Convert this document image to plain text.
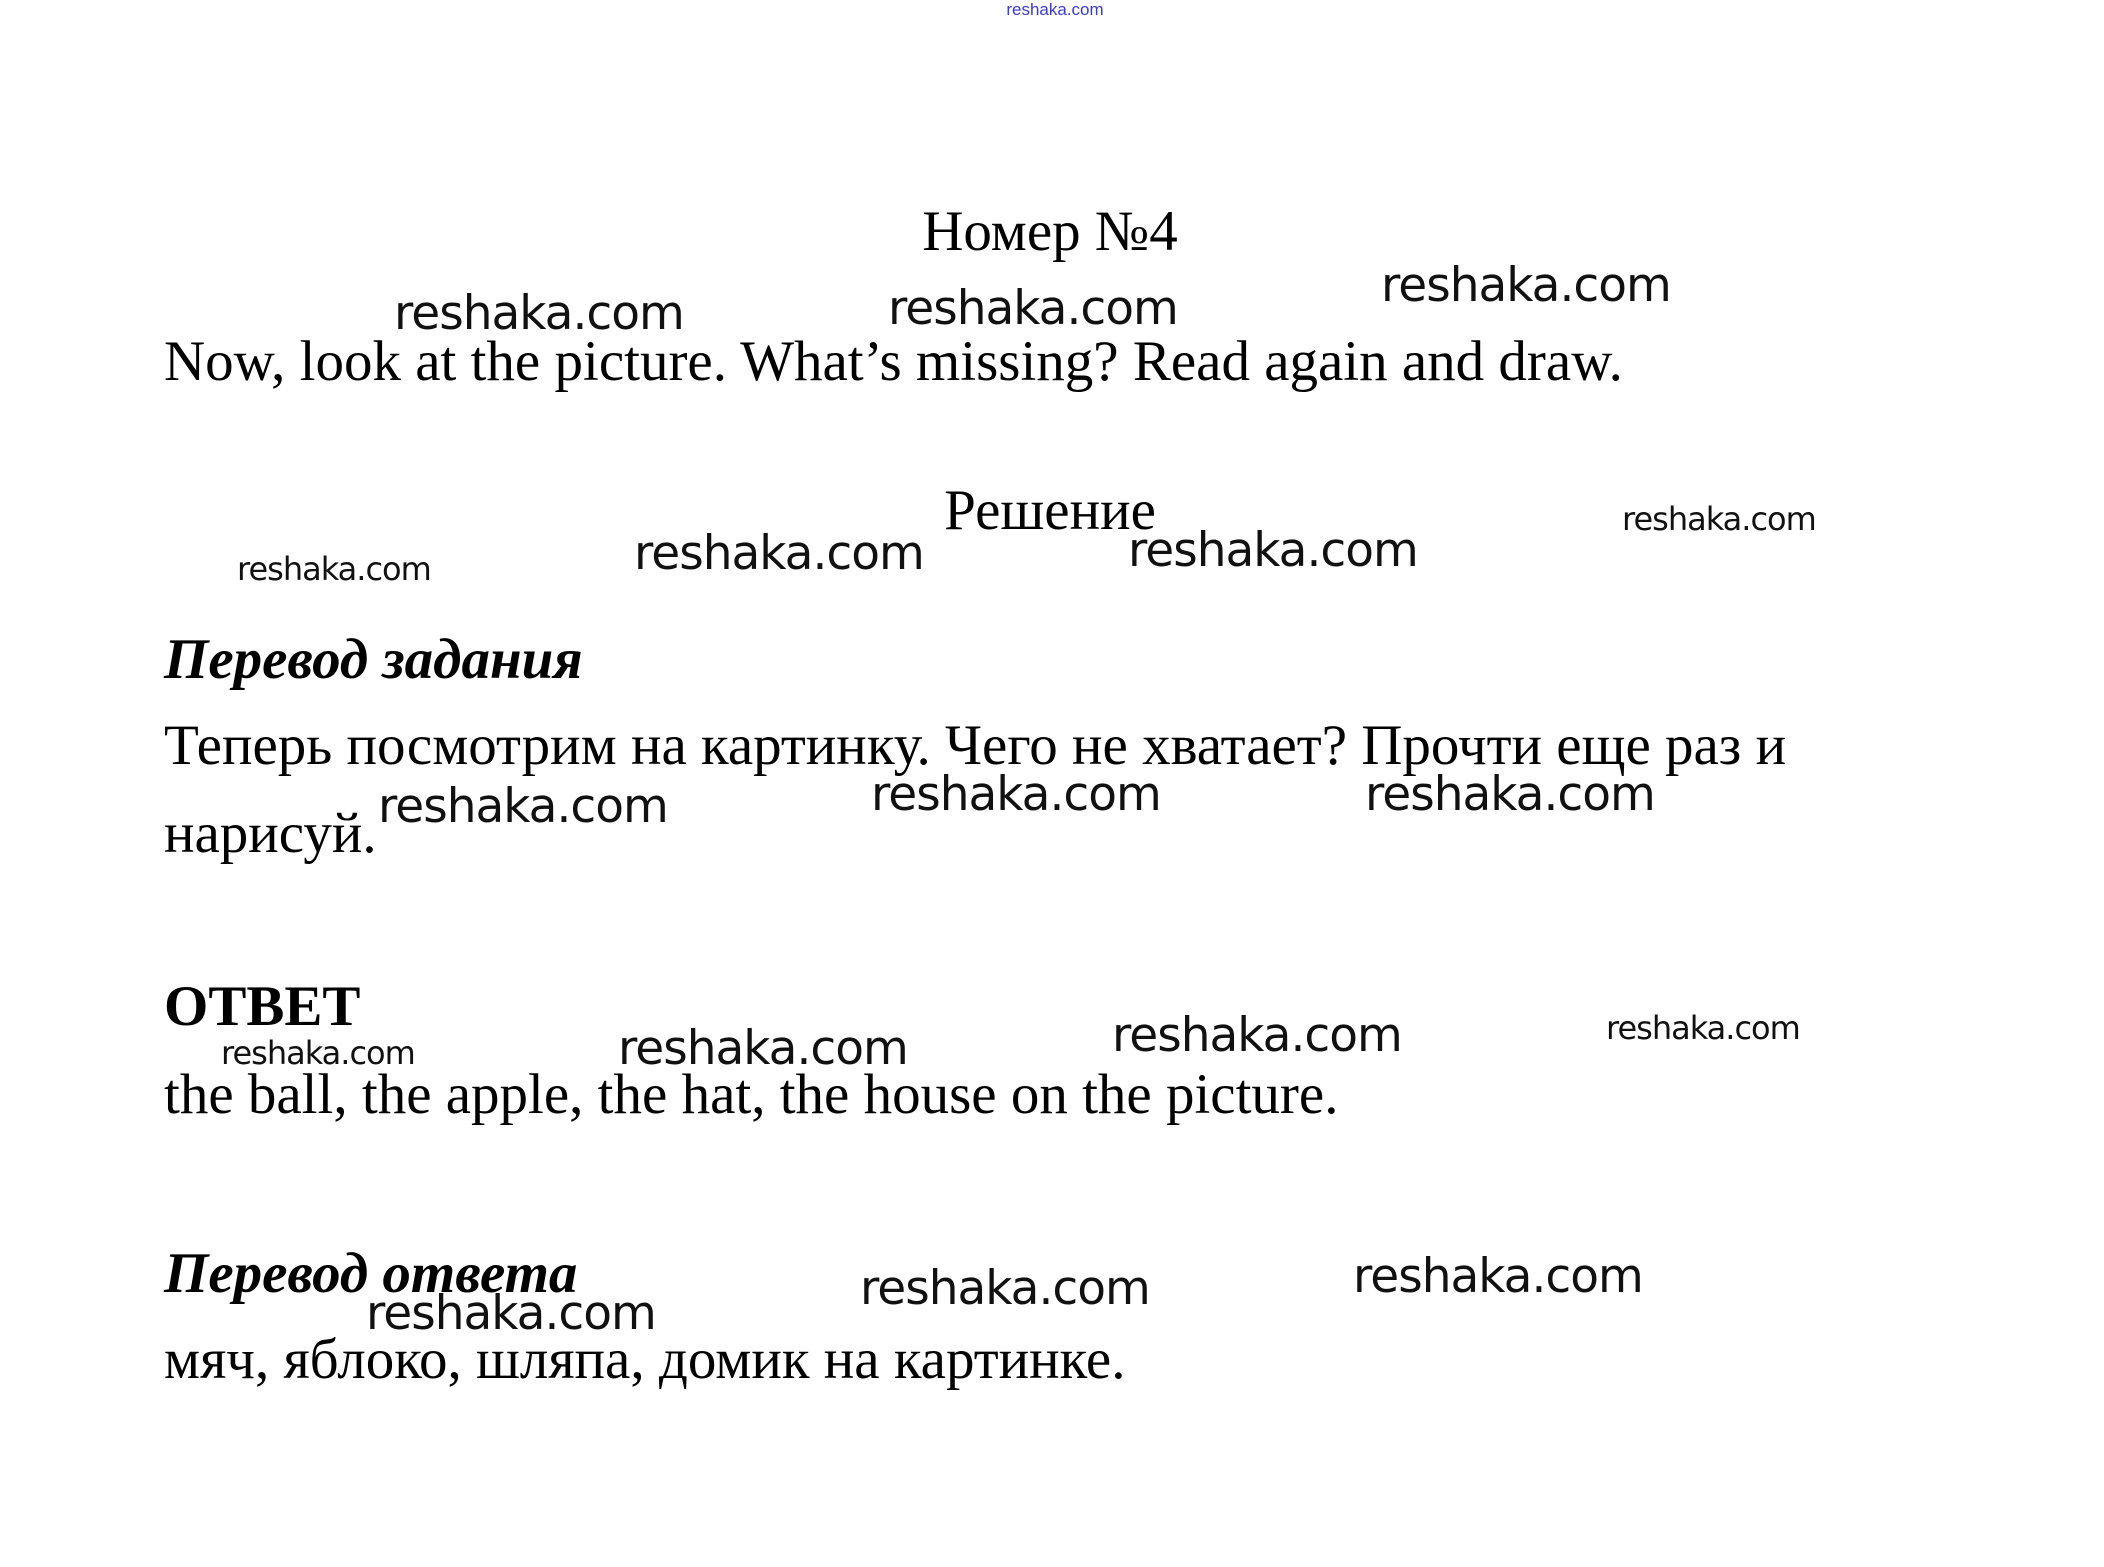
reshaka.com
Номер №4
Now, look at the picture. What’s missing? Read again and draw.
Решение
Перевод задания
Теперь посмотрим на картинку. Чего не хватает? Прочти еще раз и
нарисуй.
ОТВЕТ
the ball, the apple, the hat, the house on the picture.
Перевод ответа
мяч, яблоко, шляпа, домик на картинке.
reshaka.com	reshaka.com	reshaka.com
reshaka.com	reshaka.com	reshaka.com
reshaka.com
reshaka.com	reshaka.com	reshaka.com
reshaka.com	reshaka.com	reshaka.com	reshaka.com
reshaka.com	reshaka.com	reshaka.com
